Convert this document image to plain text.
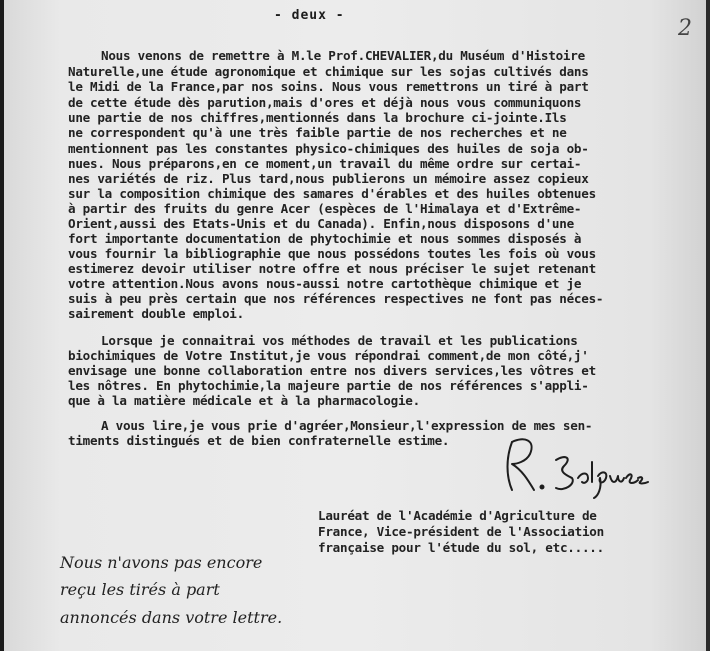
- deux -
2
Nous venons de remettre à M.le Prof.CHEVALIER,du Muséum d'Histoire
Naturelle,une étude agronomique et chimique sur les sojas cultivés dans
le Midi de la France,par nos soins. Nous vous remettrons un tiré à part
de cette étude dès parution,mais d'ores et déjà nous vous communiquons
une partie de nos chiffres,mentionnés dans la brochure ci-jointe.Ils
ne correspondent qu'à une très faible partie de nos recherches et ne
mentionnent pas les constantes physico-chimiques des huiles de soja ob-
nues. Nous préparons,en ce moment,un travail du même ordre sur certai-
nes variétés de riz. Plus tard,nous publierons un mémoire assez copieux
sur la composition chimique des samares d'érables et des huiles obtenues
à partir des fruits du genre Acer (espèces de l'Himalaya et d'Extrême-
Orient,aussi des Etats-Unis et du Canada). Enfin,nous disposons d'une
fort importante documentation de phytochimie et nous sommes disposés à
vous fournir la bibliographie que nous possédons toutes les fois où vous
estimerez devoir utiliser notre offre et nous préciser le sujet retenant
votre attention.Nous avons nous-aussi notre cartothèque chimique et je
suis à peu près certain que nos références respectives ne font pas néces-
sairement double emploi.
Lorsque je connaitrai vos méthodes de travail et les publications
biochimiques de Votre Institut,je vous répondrai comment,de mon côté,j'
envisage une bonne collaboration entre nos divers services,les vôtres et
les nôtres. En phytochimie,la majeure partie de nos références s'appli-
que à la matière médicale et à la pharmacologie.
A vous lire,je vous prie d'agréer,Monsieur,l'expression de mes sen-
timents distingués et de bien confraternelle estime.
Lauréat de l'Académie d'Agriculture de
France, Vice-président de l'Association
française pour l'étude du sol, etc.....
Nous n'avons pas encore
reçu les tirés à part
annoncés dans votre lettre.
